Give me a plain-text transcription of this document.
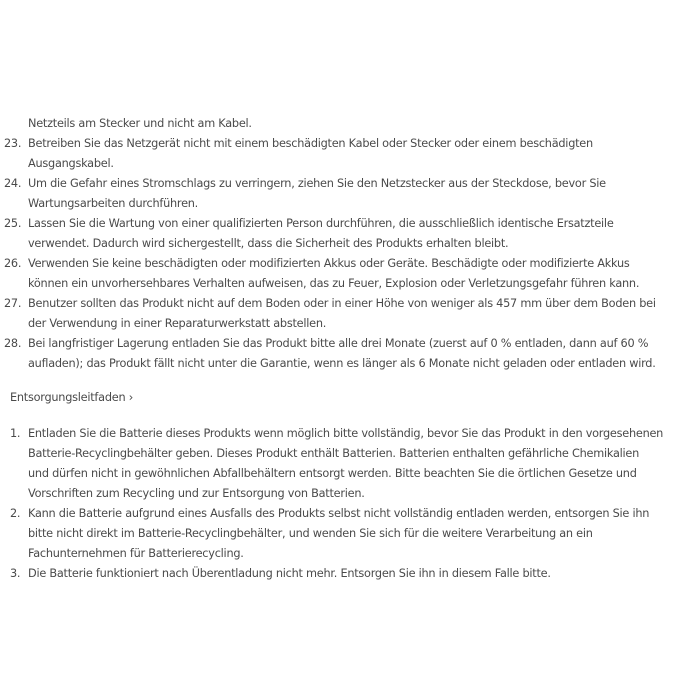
Netzteils am Stecker und nicht am Kabel.
23. Betreiben Sie das Netzgerät nicht mit einem beschädigten Kabel oder Stecker oder einem beschädigten
Ausgangskabel.
24. Um die Gefahr eines Stromschlags zu verringern, ziehen Sie den Netzstecker aus der Steckdose, bevor Sie
Wartungsarbeiten durchführen.
25. Lassen Sie die Wartung von einer qualifizierten Person durchführen, die ausschließlich identische Ersatzteile
verwendet. Dadurch wird sichergestellt, dass die Sicherheit des Produkts erhalten bleibt.
26. Verwenden Sie keine beschädigten oder modifizierten Akkus oder Geräte. Beschädigte oder modifizierte Akkus
können ein unvorhersehbares Verhalten aufweisen, das zu Feuer, Explosion oder Verletzungsgefahr führen kann.
27. Benutzer sollten das Produkt nicht auf dem Boden oder in einer Höhe von weniger als 457 mm über dem Boden bei
der Verwendung in einer Reparaturwerkstatt abstellen.
28. Bei langfristiger Lagerung entladen Sie das Produkt bitte alle drei Monate (zuerst auf 0 % entladen, dann auf 60 %
aufladen); das Produkt fällt nicht unter die Garantie, wenn es länger als 6 Monate nicht geladen oder entladen wird.
Entsorgungsleitfaden ›
1. Entladen Sie die Batterie dieses Produkts wenn möglich bitte vollständig, bevor Sie das Produkt in den vorgesehenen
Batterie-Recyclingbehälter geben. Dieses Produkt enthält Batterien. Batterien enthalten gefährliche Chemikalien
und dürfen nicht in gewöhnlichen Abfallbehältern entsorgt werden. Bitte beachten Sie die örtlichen Gesetze und
Vorschriften zum Recycling und zur Entsorgung von Batterien.
2. Kann die Batterie aufgrund eines Ausfalls des Produkts selbst nicht vollständig entladen werden, entsorgen Sie ihn
bitte nicht direkt im Batterie-Recyclingbehälter, und wenden Sie sich für die weitere Verarbeitung an ein
Fachunternehmen für Batterierecycling.
3. Die Batterie funktioniert nach Überentladung nicht mehr. Entsorgen Sie ihn in diesem Falle bitte.
